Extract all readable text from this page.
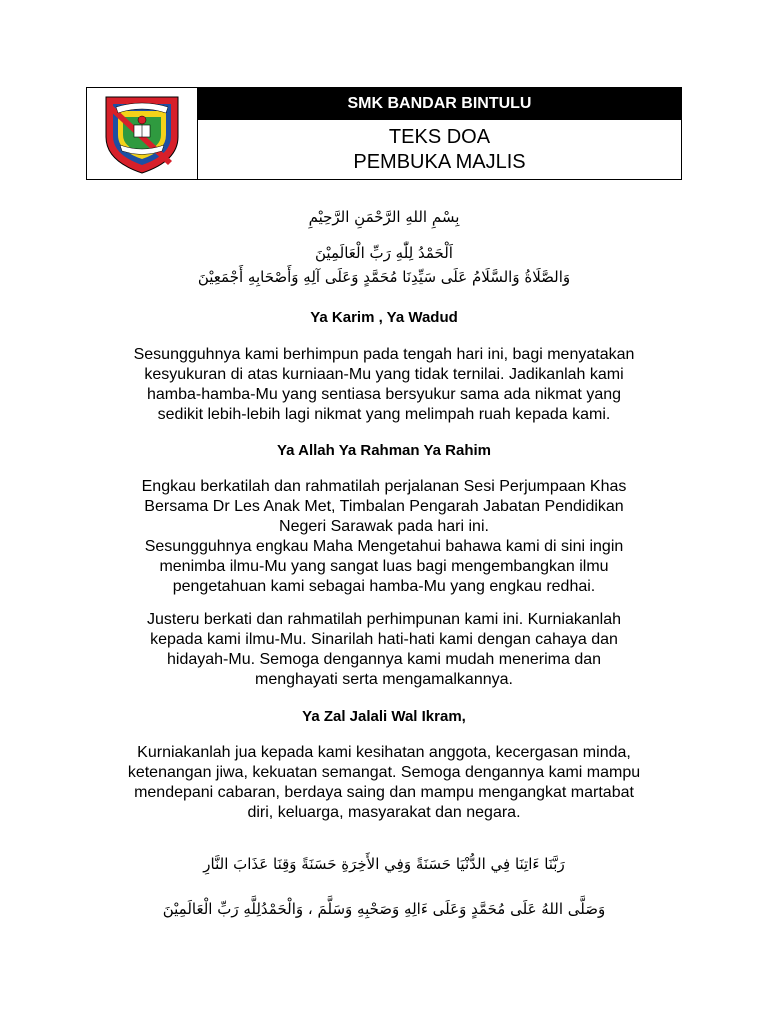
SMK BANDAR BINTULU
TEKS DOA
PEMBUKA MAJLIS
بِسْمِ اللهِ الرَّحْمَنِ الرَّحِيْمِ
اَلْحَمْدُ لِلّٰهِ رَبِّ الْعَالَمِيْنَ
وَالصَّلَاةُ وَالسَّلَامُ عَلَى سَيِّدِنَا مُحَمَّدٍ وَعَلَى آلِهِ وَأَصْحَابِهِ أَجْمَعِيْنَ
Ya Karim , Ya Wadud
Sesungguhnya kami berhimpun pada tengah hari ini, bagi menyatakan
kesyukuran di atas kurniaan-Mu yang tidak ternilai. Jadikanlah kami
hamba-hamba-Mu yang sentiasa bersyukur sama ada nikmat yang
sedikit lebih-lebih lagi nikmat yang melimpah ruah kepada kami.
Ya Allah Ya Rahman Ya Rahim
Engkau berkatilah dan rahmatilah perjalanan Sesi Perjumpaan Khas
Bersama Dr Les Anak Met, Timbalan Pengarah Jabatan Pendidikan
Negeri Sarawak pada hari ini.
Sesungguhnya engkau Maha Mengetahui bahawa kami di sini ingin
menimba ilmu-Mu yang sangat luas bagi mengembangkan ilmu
pengetahuan kami sebagai hamba-Mu yang engkau redhai.
Justeru berkati dan rahmatilah perhimpunan kami ini. Kurniakanlah
kepada kami ilmu-Mu. Sinarilah hati-hati kami dengan cahaya dan
hidayah-Mu. Semoga dengannya kami mudah menerima dan
menghayati serta mengamalkannya.
Ya Zal Jalali Wal Ikram,
Kurniakanlah jua kepada kami kesihatan anggota, kecergasan minda,
ketenangan jiwa, kekuatan semangat. Semoga dengannya kami mampu
mendepani cabaran, berdaya saing dan mampu mengangkat martabat
diri, keluarga, masyarakat dan negara.
رَبَّنَا ءَاتِنَا فِي الدُّنْيَا حَسَنَةً وَفِي الأَخِرَةِ حَسَنَةً وَقِنَا عَذَابَ النَّارِ
وَصَلَّى اللهُ عَلَى مُحَمَّدٍ وَعَلَى ءَالِهِ وَصَحْبِهِ وَسَلَّمَ ، وَالْحَمْدُلِلَّهِ رَبِّ الْعَالَمِيْنَ
